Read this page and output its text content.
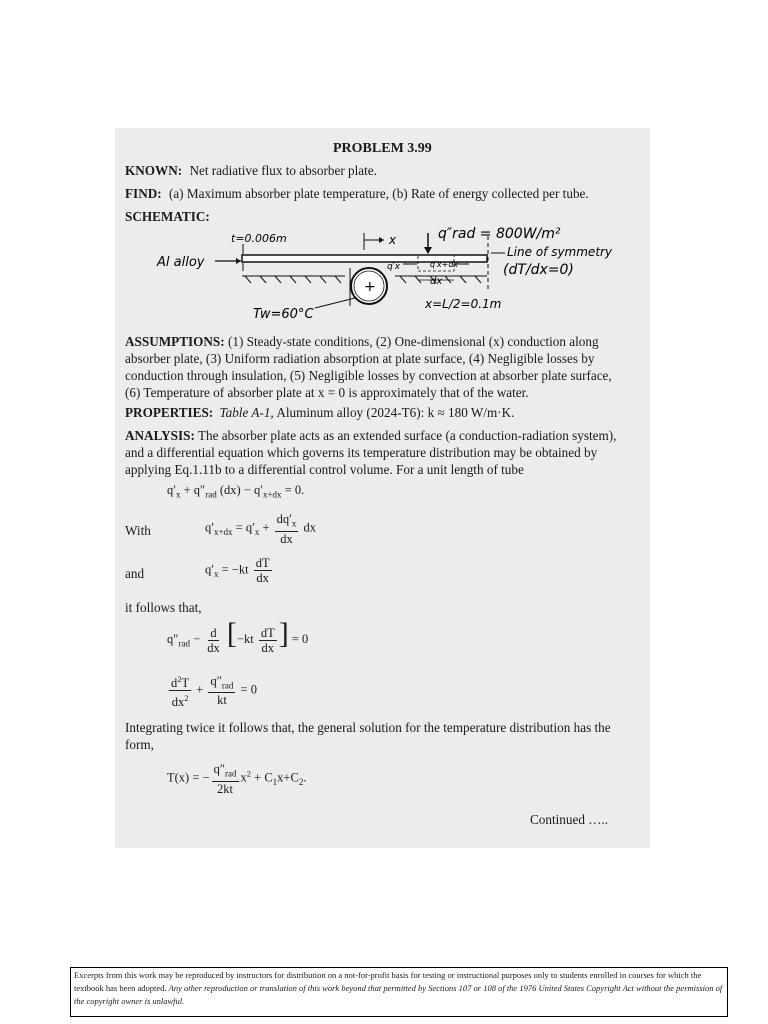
PROBLEM 3.99
KNOWN: Net radiative flux to absorber plate.
FIND: (a) Maximum absorber plate temperature, (b) Rate of energy collected per tube.
SCHEMATIC:
+
Al alloy
t=0.006m	x	q″rad = 800W/m²
Line of symmetry
(dT/dx=0)
q′x	q′x+dx
dx
Tw=60°C
x=L/2=0.1m
ASSUMPTIONS: (1) Steady-state conditions, (2) One-dimensional (x) conduction along
absorber plate, (3) Uniform radiation absorption at plate surface, (4) Negligible losses by
conduction through insulation, (5) Negligible losses by convection at absorber plate surface,
(6) Temperature of absorber plate at x = 0 is approximately that of the water.
PROPERTIES: Table A-1, Aluminum alloy (2024-T6): k ≈ 180 W/m·K.
ANALYSIS: The absorber plate acts as an extended surface (a conduction-radiation system),
and a differential equation which governs its temperature distribution may be obtained by
applying Eq.1.11b to a differential control volume. For a unit length of tube
$q'_x + q''_{rad}$ $(dx) - q'_{x+dx} = 0$.
With	$q'_{x+dx} = q'_x + \frac{dq'_x}{dx}$ dx
and	$q'_x = -kt \frac{dT}{dx}$
it follows that,
$q''_{rad} - \frac{d}{dx} [-kt \frac{dT}{dx}$ ] = 0
$\frac{d^2T}{dx^2} + \frac{q''_{rad}}{kt} = 0$
Integrating twice it follows that, the general solution for the temperature distribution has the
form,
T(x) = − $\frac{q''_{rad}}{2kt} x^2 + C_1x+C_2$.
Continued …..
Excerpts from this work may be reproduced by instructors for distribution on a not-for-profit basis for testing or instructional purposes only to students enrolled in courses for which the textbook has been adopted. Any other reproduction or translation of this work beyond that permitted by Sections 107 or 108 of the 1976 United States Copyright Act without the permission of the copyright owner is unlawful.
